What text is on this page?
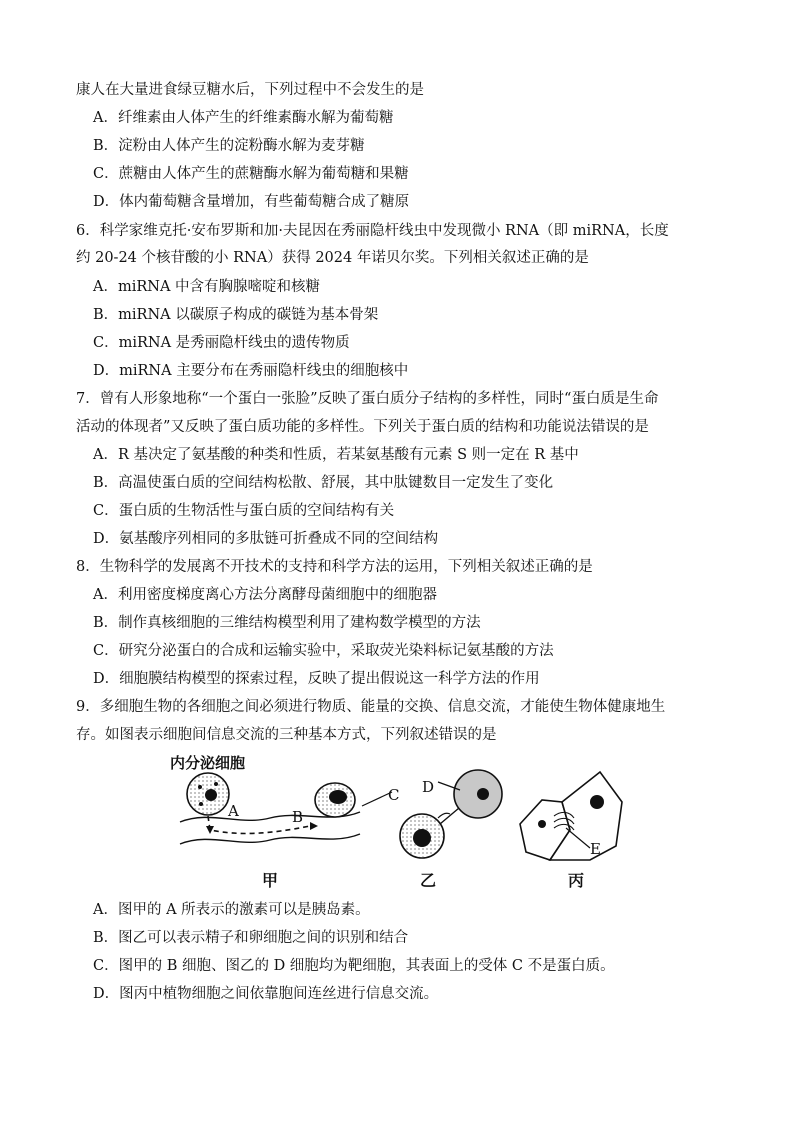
康人在大量进食绿豆糖水后，下列过程中不会发生的是
A．纤维素由人体产生的纤维素酶水解为葡萄糖
B．淀粉由人体产生的淀粉酶水解为麦芽糖
C．蔗糖由人体产生的蔗糖酶水解为葡萄糖和果糖
D．体内葡萄糖含量增加，有些葡萄糖合成了糖原
6．科学家维克托·安布罗斯和加·夫昆因在秀丽隐杆线虫中发现微小 RNA（即 miRNA，长度
约 20-24 个核苷酸的小 RNA）获得 2024 年诺贝尔奖。下列相关叙述正确的是
A．miRNA 中含有胸腺嘧啶和核糖
B．miRNA 以碳原子构成的碳链为基本骨架
C．miRNA 是秀丽隐杆线虫的遗传物质
D．miRNA 主要分布在秀丽隐杆线虫的细胞核中
7．曾有人形象地称“一个蛋白一张脸”反映了蛋白质分子结构的多样性，同时“蛋白质是生命
活动的体现者”又反映了蛋白质功能的多样性。下列关于蛋白质的结构和功能说法错误的是
A．R 基决定了氨基酸的种类和性质，若某氨基酸有元素 S 则一定在 R 基中
B．高温使蛋白质的空间结构松散、舒展，其中肽键数目一定发生了变化
C．蛋白质的生物活性与蛋白质的空间结构有关
D．氨基酸序列相同的多肽链可折叠成不同的空间结构
8．生物科学的发展离不开技术的支持和科学方法的运用，下列相关叙述正确的是
A．利用密度梯度离心方法分离酵母菌细胞中的细胞器
B．制作真核细胞的三维结构模型利用了建构数学模型的方法
C．研究分泌蛋白的合成和运输实验中，采取荧光染料标记氨基酸的方法
D．细胞膜结构模型的探索过程，反映了提出假说这一科学方法的作用
9．多细胞生物的各细胞之间必须进行物质、能量的交换、信息交流，才能使生物体健康地生
存。如图表示细胞间信息交流的三种基本方式，下列叙述错误的是
内分泌细胞
A	B
C D
E
甲	乙	丙
A．图甲的 A 所表示的激素可以是胰岛素。
B．图乙可以表示精子和卵细胞之间的识别和结合
C．图甲的 B 细胞、图乙的 D 细胞均为靶细胞，其表面上的受体 C 不是蛋白质。
D．图丙中植物细胞之间依靠胞间连丝进行信息交流。
